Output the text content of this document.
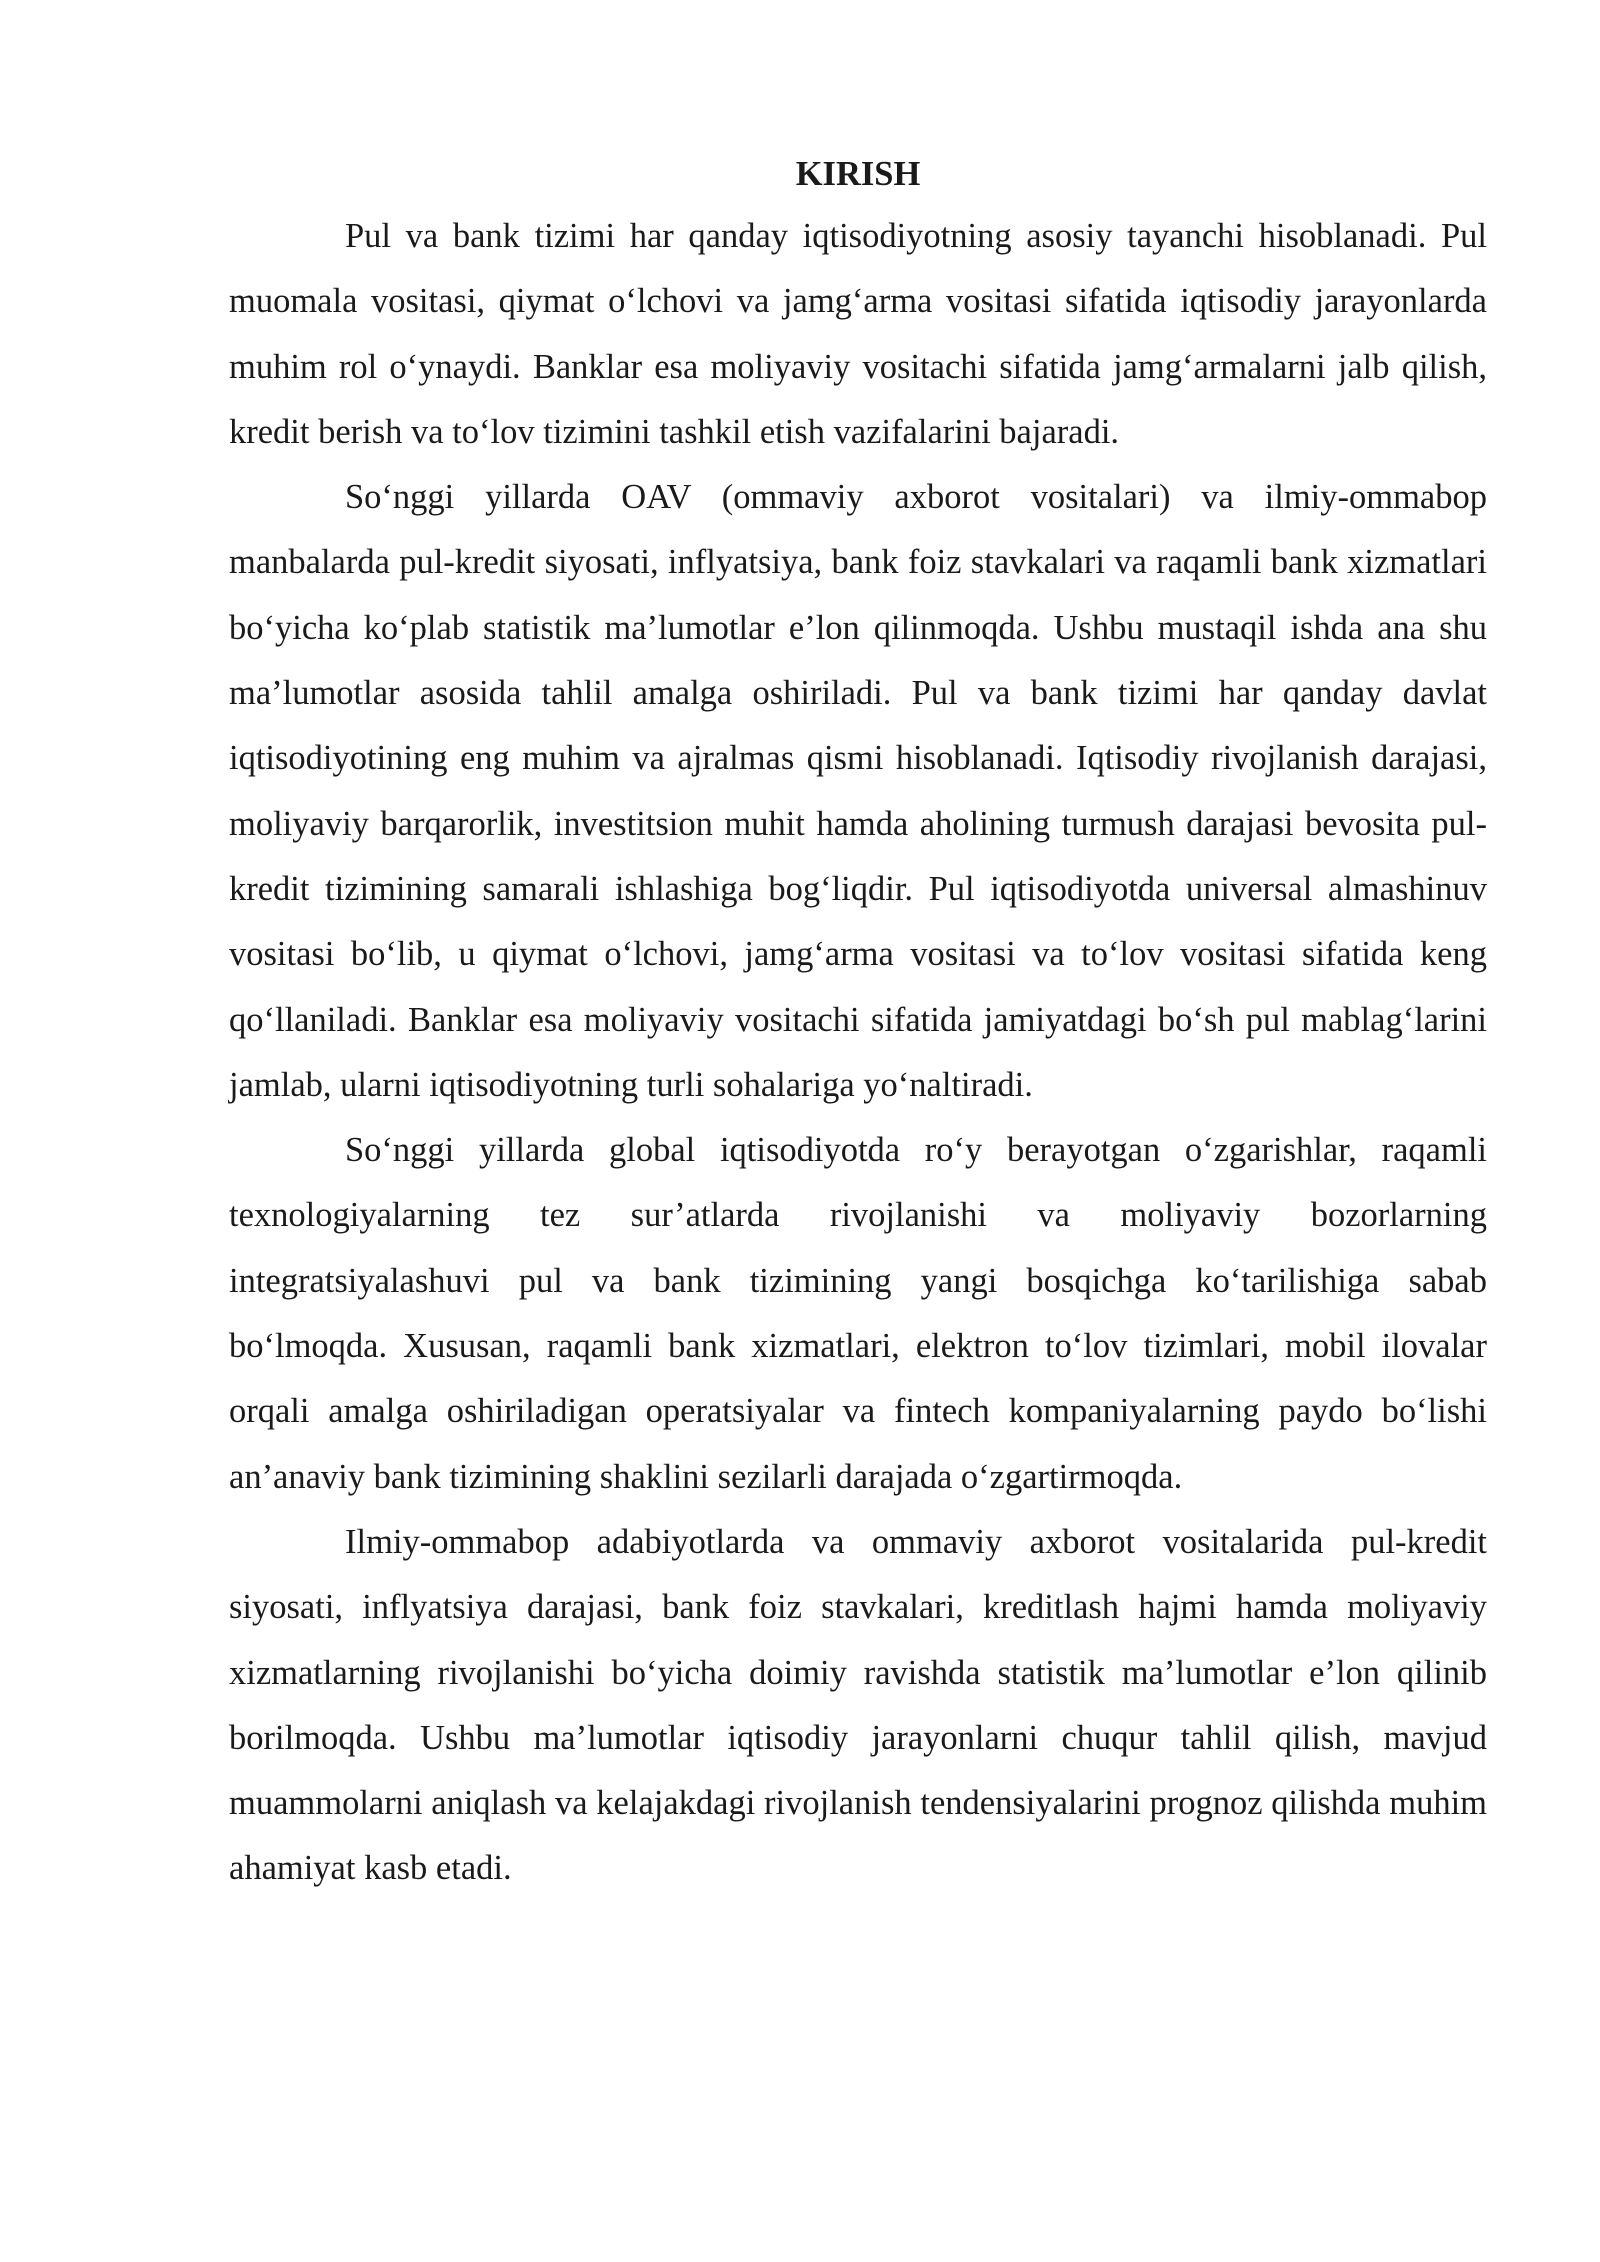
KIRISH

Pul va bank tizimi har qanday iqtisodiyotning asosiy tayanchi hisoblanadi. Pul muomala vositasi, qiymat o‘lchovi va jamg‘arma vositasi sifatida iqtisodiy jarayonlarda muhim rol o‘ynaydi. Banklar esa moliyaviy vositachi sifatida jamg‘armalarni jalb qilish, kredit berish va to‘lov tizimini tashkil etish vazifalarini bajaradi.

So‘nggi yillarda OAV (ommaviy axborot vositalari) va ilmiy-ommabop manbalarda pul-kredit siyosati, inflyatsiya, bank foiz stavkalari va raqamli bank xizmatlari bo‘yicha ko‘plab statistik ma’lumotlar e’lon qilinmoqda. Ushbu mustaqil ishda ana shu ma’lumotlar asosida tahlil amalga oshiriladi. Pul va bank tizimi har qanday davlat iqtisodiyotining eng muhim va ajralmas qismi hisoblanadi. Iqtisodiy rivojlanish darajasi, moliyaviy barqarorlik, investitsion muhit hamda aholining turmush darajasi bevosita pul-kredit tizimining samarali ishlashiga bog‘liqdir. Pul iqtisodiyotda universal almashinuv vositasi bo‘lib, u qiymat o‘lchovi, jamg‘arma vositasi va to‘lov vositasi sifatida keng qo‘llaniladi. Banklar esa moliyaviy vositachi sifatida jamiyatdagi bo‘sh pul mablag‘larini jamlab, ularni iqtisodiyotning turli sohalariga yo‘naltiradi.

So‘nggi yillarda global iqtisodiyotda ro‘y berayotgan o‘zgarishlar, raqamli texnologiyalarning tez sur’atlarda rivojlanishi va moliyaviy bozorlarning integratsiyalashuvi pul va bank tizimining yangi bosqichga ko‘tarilishiga sabab bo‘lmoqda. Xususan, raqamli bank xizmatlari, elektron to‘lov tizimlari, mobil ilovalar orqali amalga oshiriladigan operatsiyalar va fintech kompaniyalarning paydo bo‘lishi an’anaviy bank tizimining shaklini sezilarli darajada o‘zgartirmoqda.

Ilmiy-ommabop adabiyotlarda va ommaviy axborot vositalarida pul-kredit siyosati, inflyatsiya darajasi, bank foiz stavkalari, kreditlash hajmi hamda moliyaviy xizmatlarning rivojlanishi bo‘yicha doimiy ravishda statistik ma’lumotlar e’lon qilinib borilmoqda. Ushbu ma’lumotlar iqtisodiy jarayonlarni chuqur tahlil qilish, mavjud muammolarni aniqlash va kelajakdagi rivojlanish tendensiyalarini prognoz qilishda muhim ahamiyat kasb etadi.
